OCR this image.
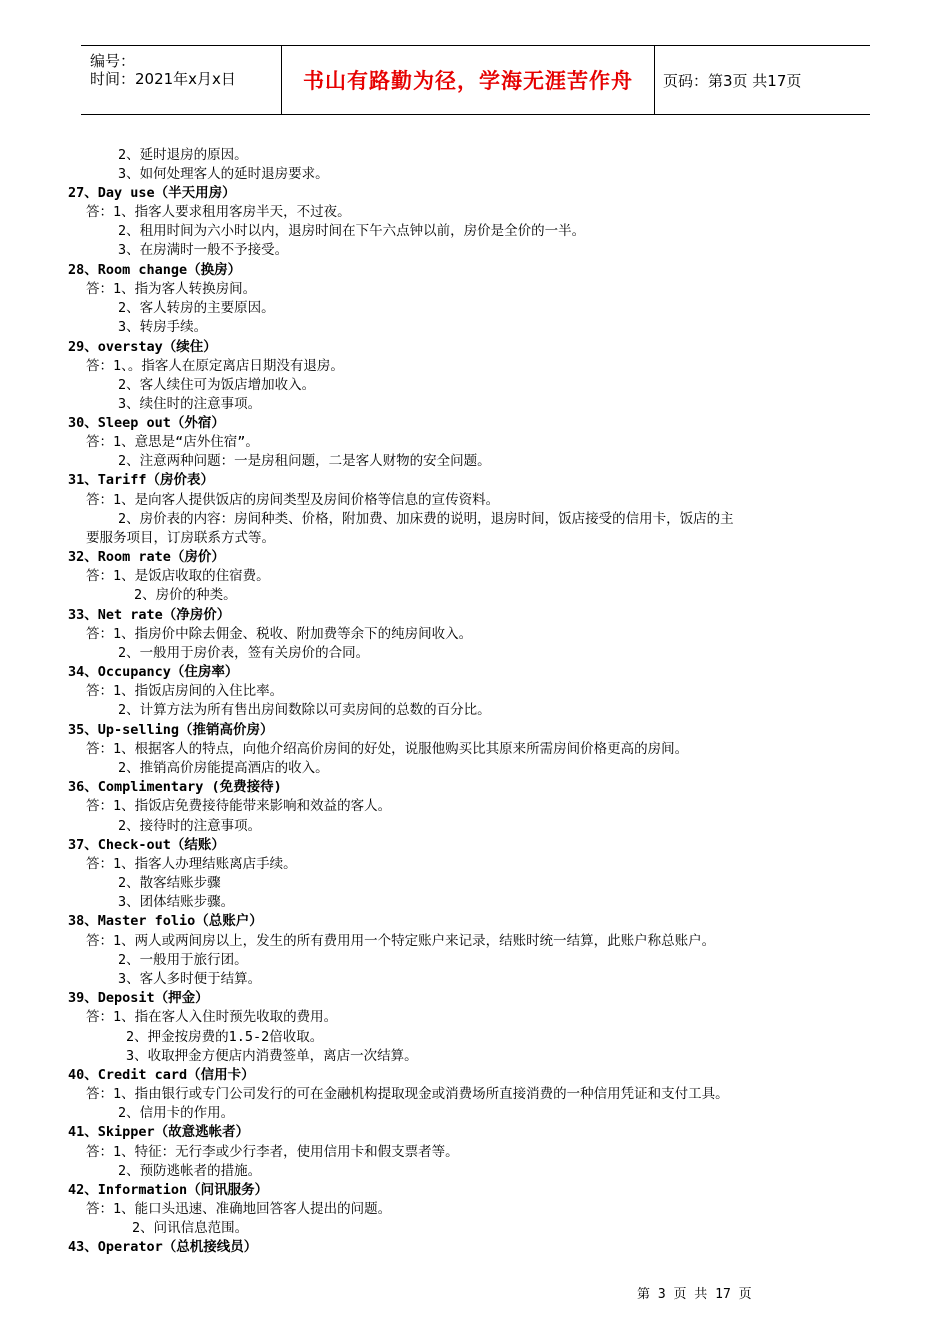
编号：
时间：2021年x月x日	书山有路勤为径，学海无涯苦作舟	页码：第3页 共17页
2、延时退房的原因。
3、如何处理客人的延时退房要求。
27、Day use（半天用房）
答：1、指客人要求租用客房半天，不过夜。
2、租用时间为六小时以内，退房时间在下午六点钟以前，房价是全价的一半。
3、在房满时一般不予接受。
28、Room change（换房）
答：1、指为客人转换房间。
2、客人转房的主要原因。
3、转房手续。
29、overstay（续住）
答：1、。指客人在原定离店日期没有退房。
2、客人续住可为饭店增加收入。
3、续住时的注意事项。
30、Sleep out（外宿）
答：1、意思是“店外住宿”。
2、注意两种问题：一是房租问题，二是客人财物的安全问题。
31、Tariff（房价表）
答：1、是向客人提供饭店的房间类型及房间价格等信息的宣传资料。
2、房价表的内容：房间种类、价格，附加费、加床费的说明，退房时间，饭店接受的信用卡，饭店的主
要服务项目，订房联系方式等。
32、Room rate（房价）
答：1、是饭店收取的住宿费。
2、房价的种类。
33、Net rate（净房价）
答：1、指房价中除去佣金、税收、附加费等余下的纯房间收入。
2、一般用于房价表，签有关房价的合同。
34、Occupancy（住房率）
答：1、指饭店房间的入住比率。
2、计算方法为所有售出房间数除以可卖房间的总数的百分比。
35、Up-selling（推销高价房）
答：1、根据客人的特点，向他介绍高价房间的好处，说服他购买比其原来所需房间价格更高的房间。
2、推销高价房能提高酒店的收入。
36、Complimentary (免费接待)
答：1、指饭店免费接待能带来影响和效益的客人。
2、接待时的注意事项。
37、Check-out（结账）
答：1、指客人办理结账离店手续。
2、散客结账步骤
3、团体结账步骤。
38、Master folio（总账户）
答：1、两人或两间房以上，发生的所有费用用一个特定账户来记录，结账时统一结算，此账户称总账户。
2、一般用于旅行团。
3、客人多时便于结算。
39、Deposit（押金）
答：1、指在客人入住时预先收取的费用。
2、押金按房费的1.5-2倍收取。
3、收取押金方便店内消费签单，离店一次结算。
40、Credit card（信用卡）
答：1、指由银行或专门公司发行的可在金融机构提取现金或消费场所直接消费的一种信用凭证和支付工具。
2、信用卡的作用。
41、Skipper（故意逃帐者）
答：1、特征：无行李或少行李者，使用信用卡和假支票者等。
2、预防逃帐者的措施。
42、Information（问讯服务）
答：1、能口头迅速、准确地回答客人提出的问题。
2、问讯信息范围。
43、Operator（总机接线员）
第 3 页 共 17 页
